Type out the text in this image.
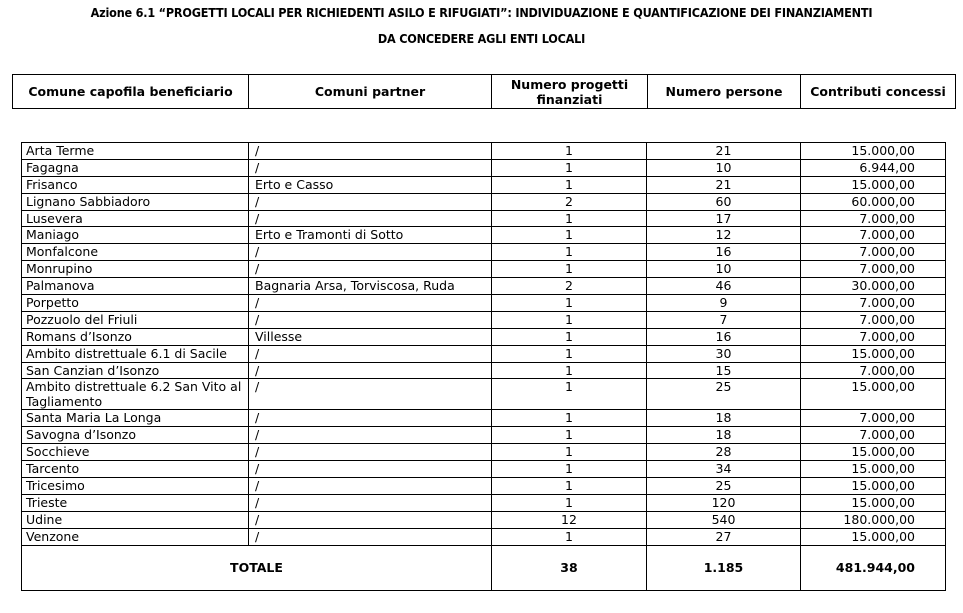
Azione 6.1 “PROGETTI LOCALI PER RICHIEDENTI ASILO E RIFUGIATI”: INDIVIDUAZIONE E QUANTIFICAZIONE DEI FINANZIAMENTI
DA CONCEDERE AGLI ENTI LOCALI
Comune capofila beneficiario	Comuni partner	Numero progetti finanziati	Numero persone	Contributi concessi
Arta Terme	/	1	21	15.000,00
Fagagna	/	1	10	6.944,00
Frisanco	Erto e Casso	1	21	15.000,00
Lignano Sabbiadoro	/	2	60	60.000,00
Lusevera	/	1	17	7.000,00
Maniago	Erto e Tramonti di Sotto	1	12	7.000,00
Monfalcone	/	1	16	7.000,00
Monrupino	/	1	10	7.000,00
Palmanova	Bagnaria Arsa, Torviscosa, Ruda	2	46	30.000,00
Porpetto	/	1	9	7.000,00
Pozzuolo del Friuli	/	1	7	7.000,00
Romans d’Isonzo	Villesse	1	16	7.000,00
Ambito distrettuale 6.1 di Sacile	/	1	30	15.000,00
San Canzian d’Isonzo	/	1	15	7.000,00
Ambito distrettuale 6.2 San Vito al Tagliamento	/	1	25	15.000,00
Santa Maria La Longa	/	1	18	7.000,00
Savogna d’Isonzo	/	1	18	7.000,00
Socchieve	/	1	28	15.000,00
Tarcento	/	1	34	15.000,00
Tricesimo	/	1	25	15.000,00
Trieste	/	1	120	15.000,00
Udine	/	12	540	180.000,00
Venzone	/	1	27	15.000,00
TOTALE		38	1.185	481.944,00
